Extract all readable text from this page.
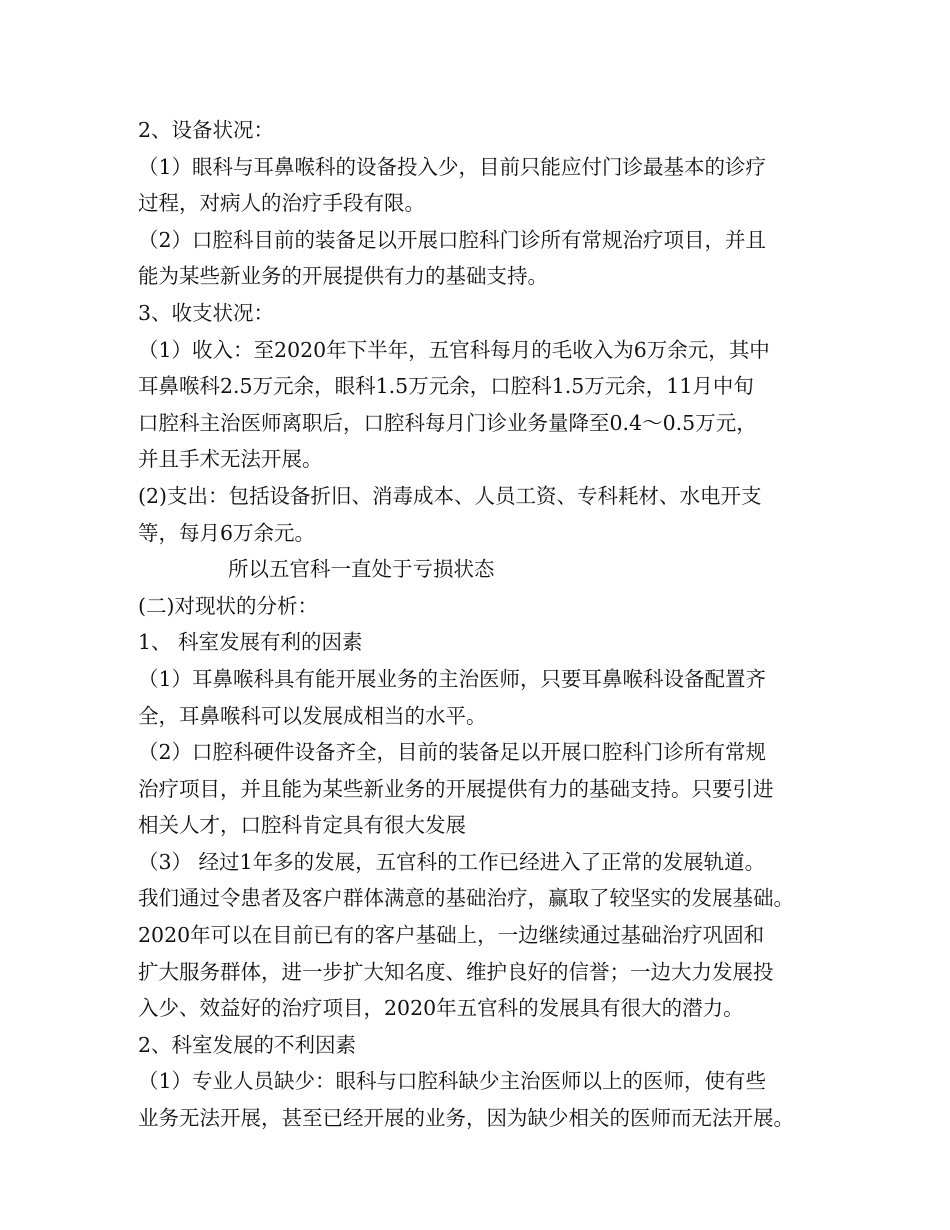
2、设备状况：
（1）眼科与耳鼻喉科的设备投入少，目前只能应付门诊最基本的诊疗
过程，对病人的治疗手段有限。
（2）口腔科目前的装备足以开展口腔科门诊所有常规治疗项目，并且
能为某些新业务的开展提供有力的基础支持。
3、收支状况：
（1）收入：至2020年下半年，五官科每月的毛收入为6万余元，其中
耳鼻喉科2.5万元余，眼科1.5万元余，口腔科1.5万元余，11月中旬
口腔科主治医师离职后，口腔科每月门诊业务量降至0.4～0.5万元，
并且手术无法开展。
(2)支出：包括设备折旧、消毒成本、人员工资、专科耗材、水电开支
等，每月6万余元。
所以五官科一直处于亏损状态
(二)对现状的分析：
1、 科室发展有利的因素
（1）耳鼻喉科具有能开展业务的主治医师，只要耳鼻喉科设备配置齐
全，耳鼻喉科可以发展成相当的水平。
（2）口腔科硬件设备齐全，目前的装备足以开展口腔科门诊所有常规
治疗项目，并且能为某些新业务的开展提供有力的基础支持。只要引进
相关人才，口腔科肯定具有很大发展
（3） 经过1年多的发展，五官科的工作已经进入了正常的发展轨道。
我们通过令患者及客户群体满意的基础治疗，赢取了较坚实的发展基础。
2020年可以在目前已有的客户基础上，一边继续通过基础治疗巩固和
扩大服务群体，进一步扩大知名度、维护良好的信誉；一边大力发展投
入少、效益好的治疗项目，2020年五官科的发展具有很大的潜力。
2、科室发展的不利因素
（1）专业人员缺少：眼科与口腔科缺少主治医师以上的医师，使有些
业务无法开展，甚至已经开展的业务，因为缺少相关的医师而无法开展。
